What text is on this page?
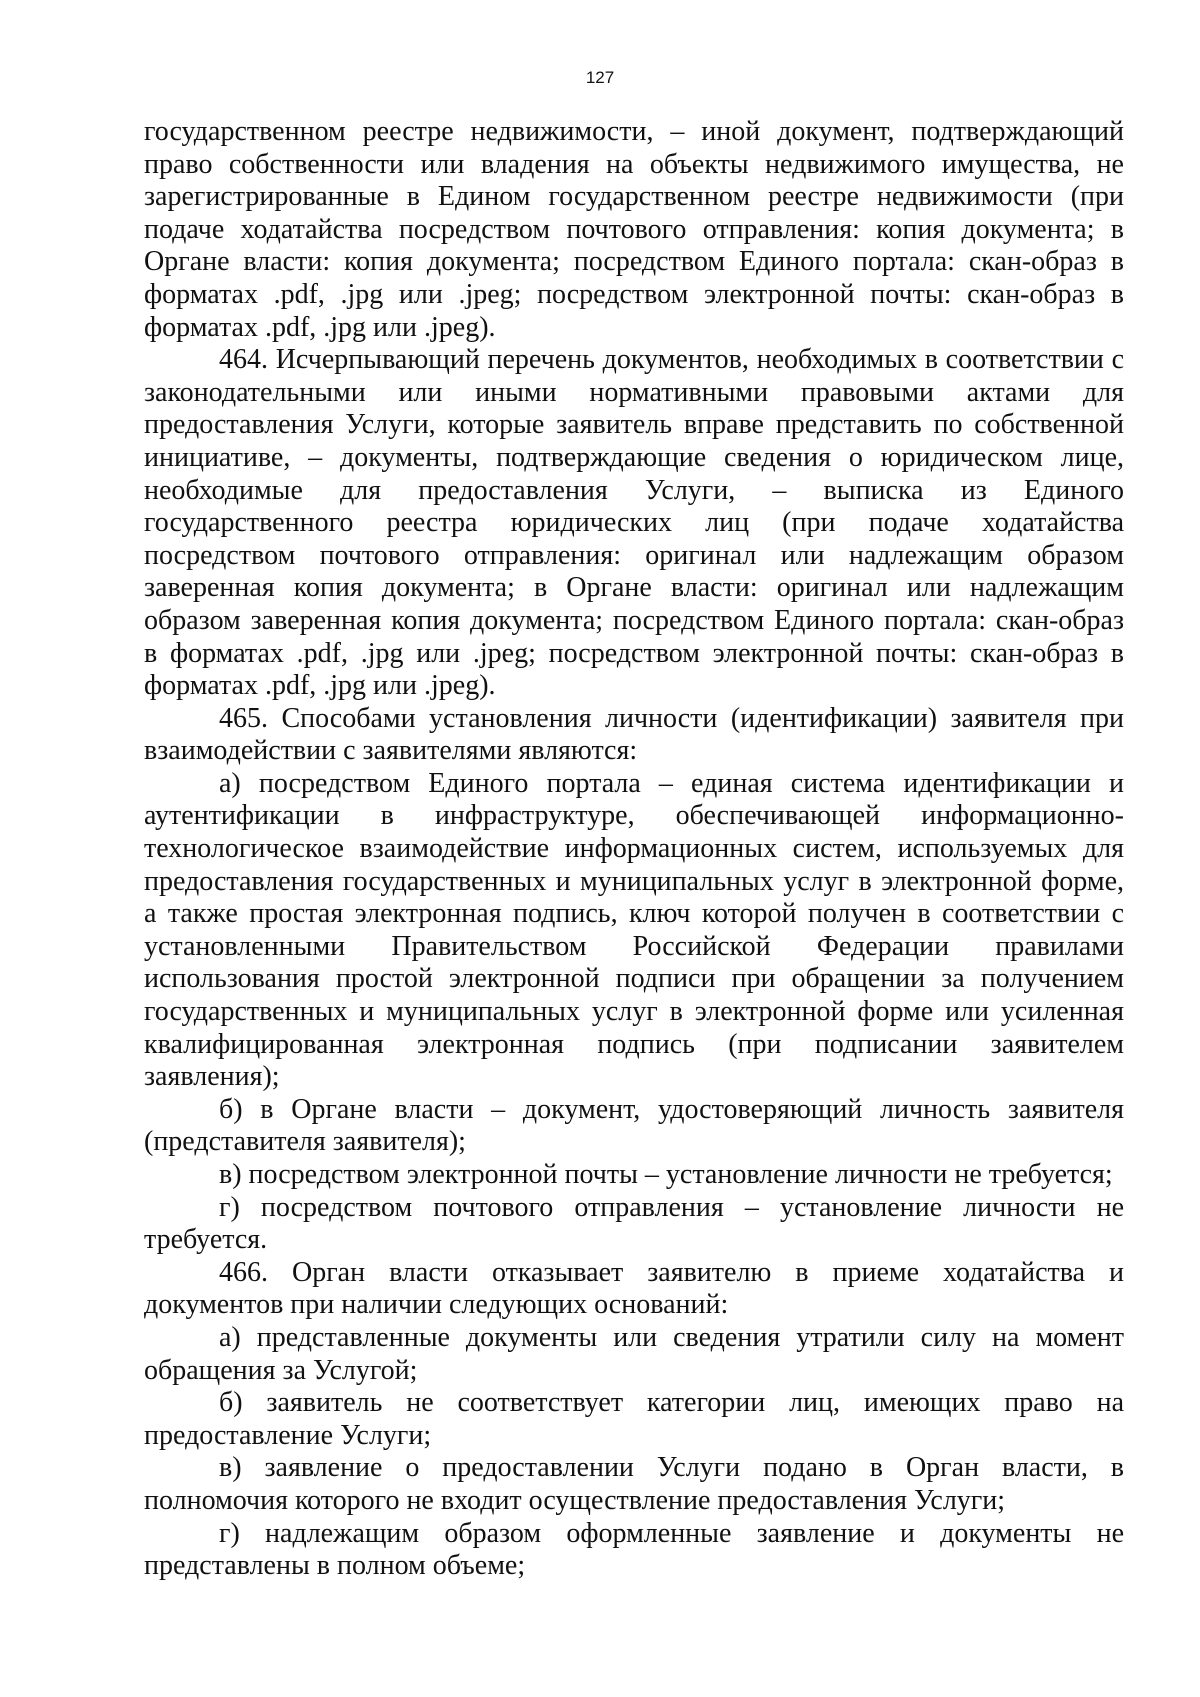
127

государственном реестре недвижимости, – иной документ, подтверждающий право собственности или владения на объекты недвижимого имущества, не зарегистрированные в Едином государственном реестре недвижимости (при подаче ходатайства посредством почтового отправления: копия документа; в Органе власти: копия документа; посредством Единого портала: скан-образ в форматах .pdf, .jpg или .jpeg; посредством электронной почты: скан-образ в форматах .pdf, .jpg или .jpeg).

464. Исчерпывающий перечень документов, необходимых в соответствии с законодательными или иными нормативными правовыми актами для предоставления Услуги, которые заявитель вправе представить по собственной инициативе, – документы, подтверждающие сведения о юридическом лице, необходимые для предоставления Услуги, – выписка из Единого государственного реестра юридических лиц (при подаче ходатайства посредством почтового отправления: оригинал или надлежащим образом заверенная копия документа; в Органе власти: оригинал или надлежащим образом заверенная копия документа; посредством Единого портала: скан-образ в форматах .pdf, .jpg или .jpeg; посредством электронной почты: скан-образ в форматах .pdf, .jpg или .jpeg).

465. Способами установления личности (идентификации) заявителя при взаимодействии с заявителями являются:

а) посредством Единого портала – единая система идентификации и аутентификации в инфраструктуре, обеспечивающей информационно-технологическое взаимодействие информационных систем, используемых для предоставления государственных и муниципальных услуг в электронной форме, а также простая электронная подпись, ключ которой получен в соответствии с установленными Правительством Российской Федерации правилами использования простой электронной подписи при обращении за получением государственных и муниципальных услуг в электронной форме или усиленная квалифицированная электронная подпись (при подписании заявителем заявления);

б) в Органе власти – документ, удостоверяющий личность заявителя (представителя заявителя);

в) посредством электронной почты – установление личности не требуется;

г) посредством почтового отправления – установление личности не требуется.

466. Орган власти отказывает заявителю в приеме ходатайства и документов при наличии следующих оснований:

а) представленные документы или сведения утратили силу на момент обращения за Услугой;

б) заявитель не соответствует категории лиц, имеющих право на предоставление Услуги;

в) заявление о предоставлении Услуги подано в Орган власти, в полномочия которого не входит осуществление предоставления Услуги;

г) надлежащим образом оформленные заявление и документы не представлены в полном объеме;
